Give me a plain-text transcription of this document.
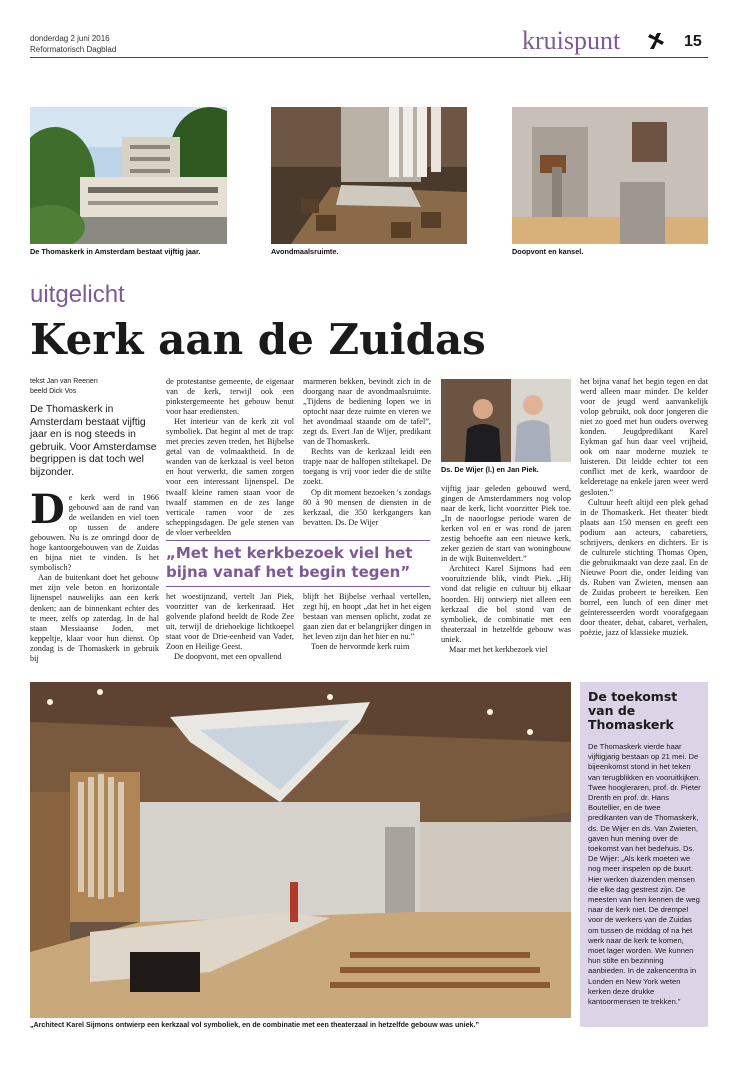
donderdag 2 juni 2016
Reformatorisch Dagblad	kruispunt	15
De Thomaskerk in Amsterdam bestaat vijftig jaar.	Avondmaalsruimte.	Doopvont en kansel.
uitgelicht
Kerk aan de Zuidas
tekst Jan van Reenen
beeld Dick Vos
De Thomaskerk in Amsterdam bestaat vijftig jaar en is nog steeds in gebruik. Voor Amsterdamse begrippen is dat toch wel bijzonder.
D e kerk werd in 1966 gebouwd aan de rand van de weilanden en viel toen op tussen de andere gebouwen. Nu is ze omringd door de hoge kantoorgebouwen van de Zuidas en bijna niet te vinden. Is het symbolisch?

Aan de buitenkant doet het gebouw met zijn vele beton en horizontale lijnenspel nauwelijks aan een kerk denken; aan de binnenkant echter des te meer, zelfs op zaterdag. In de hal staan Messiaanse Joden, met keppeltje, klaar voor hun dienst. Op zondag is de Thomaskerk in gebruik bij

de protestantse gemeente, de eigenaar van de kerk, terwijl ook een pinkstergemeente het gebouw benut voor haar erediensten.

Het interieur van de kerk zit vol symboliek. Dat begint al met de trap: met precies zeven treden, het Bijbelse getal van de volmaaktheid. In de wanden van de kerkzaal is veel beton en hout verwerkt, die samen zorgen voor een interessant lijnenspel. De twaalf kleine ramen staan voor de twaalf stammen en de zes lange verticale ramen voor de zes scheppingsdagen. De gele stenen van de vloer verbeelden

marmeren bekken, bevindt zich in de doorgang naar de avondmaalsruimte. „Tijdens de bediening lopen we in optocht naar deze ruimte en vieren we het avondmaal staande om de tafel”, zegt ds. Evert Jan de Wijer, predikant van de Thomaskerk.

Rechts van de kerkzaal leidt een trapje naar de halfopen stiltekapel. De toegang is vrij voor ieder die de stilte zoekt.

Op dit moment bezoeken 's zondags 80 à 90 mensen de diensten in de kerkzaal, die 350 kerkgangers kan bevatten. Ds. De Wijer

„Met het kerkbezoek viel het bijna vanaf het begin tegen”

het woestijnzand, vertelt Jan Piek, voorzitter van de kerkenraad. Het golvende plafond beeldt de Rode Zee uit, terwijl de driehoekige lichtkoepel staat voor de Drie-eenheid van Vader, Zoon en Heilige Geest.

De doopvont, met een opvallend

blijft het Bijbelse verhaal vertellen, zegt hij, en hoopt „dat het in het eigen bestaan van mensen oplicht, zodat ze gaan zien dat er belangrijker dingen in het leven zijn dan het hier en nu.”

Toen de hervormde kerk ruim

Ds. De Wijer (l.) en Jan Piek.

vijftig jaar geleden gebouwd werd, gingen de Amsterdammers nog volop naar de kerk, licht voorzitter Piek toe. „In de naoorlogse periode waren de kerken vol en er was rond de jaren zestig behoefte aan een nieuwe kerk, zeker gezien de start van woningbouw in de wijk Buitenveldert.”

Architect Karel Sijmons had een vooruitziende blik, vindt Piek. „Hij vond dat religie en cultuur bij elkaar hoorden. Hij ontwierp niet alleen een kerkzaal die bol stond van de symboliek, de combinatie met een theaterzaal in hetzelfde gebouw was uniek.

Maar met het kerkbezoek viel

het bijna vanaf het begin tegen en dat werd alleen maar minder. De kelder voor de jeugd werd aanvankelijk volop gebruikt, ook door jongeren die niet zo goed met hun ouders overweg konden. Jeugdpredikant Karel Eykman gaf hun daar veel vrijheid, ook om naar moderne muziek te luisteren. Dit leidde echter tot een conflict met de kerk, waardoor de kelderetage na enkele jaren weer werd gesloten.”

Cultuur heeft altijd een plek gehad in de Thomaskerk. Het theater biedt plaats aan 150 mensen en geeft een podium aan acteurs, cabaretiers, schrijvers, denkers en dichters. Er is de culturele stichting Thomas Open, die gebruikmaakt van deze zaal. En de Nieuwe Poort die, onder leiding van ds. Ruben van Zwieten, mensen aan de Zuidas probeert te bereiken. Een borrel, een lunch of een diner met geïnteresseerden wordt voorafgegaan door theater, debat, cabaret, verhalen, poëzie, jazz of klassieke muziek.

„Architect Karel Sijmons ontwierp een kerkzaal vol symboliek, en de combinatie met een theaterzaal in hetzelfde gebouw was uniek.”
De toekomst van de Thomaskerk
De Thomaskerk vierde haar vijftigjarig bestaan op 21 mei. De bijeenkomst stond in het teken van terugblikken en vooruitkijken. Twee hoogleraren, prof. dr. Pieter Drenth en prof. dr. Hans Boutellier, en de twee predikanten van de Thomaskerk, ds. De Wijer en ds. Van Zwieten, gaven hun mening over de toekomst van het bedehuis. Ds. De Wijer: „Als kerk moeten we nog meer inspelen op de buurt. Hier werken duizenden mensen die elke dag gestrest zijn. De meesten van hen kennen de weg naar de kerk niet. De drempel voor de werkers van de Zuidas om tussen de middag of na het werk naar de kerk te komen, moet lager worden. We kunnen hun stilte en bezinning aanbieden. In de zakencentra in Londen en New York weten kerken deze drukke kantoormensen te trekken.”
